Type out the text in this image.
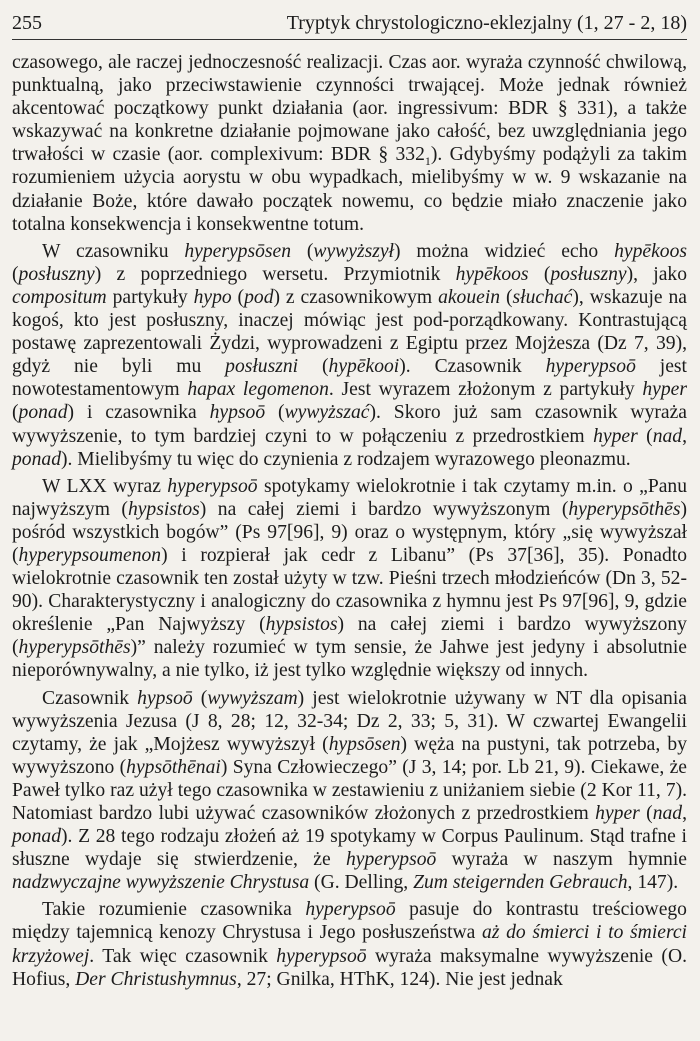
255	Tryptyk chrystologiczno-eklezjalny (1, 27 - 2, 18)

czasowego, ale raczej jednoczesność realizacji. Czas aor. wyraża czynność chwilową, punktualną, jako przeciwstawienie czynności trwającej. Może jednak również akcentować początkowy punkt działania (aor. ingressivum: BDR § 331), a także wskazywać na konkretne działanie pojmowane jako całość, bez uwzględniania jego trwałości w czasie (aor. complexivum: BDR § $332_1$). Gdybyśmy podążyli za takim rozumieniem użycia aorystu w obu wypadkach, mielibyśmy w w. 9 wskazanie na działanie Boże, które dawało początek nowemu, co będzie miało znaczenie jako totalna konsekwencja i konsekwentne totum.

W czasowniku hyperypsōsen (wywyższył) można widzieć echo hypēkoos (posłuszny) z poprzedniego wersetu. Przymiotnik hypēkoos (posłuszny), jako compositum partykuły hypo (pod) z czasownikowym akouein (słuchać), wskazuje na kogoś, kto jest posłuszny, inaczej mówiąc jest pod-porządkowany. Kontrastującą postawę zaprezentowali Żydzi, wyprowadzeni z Egiptu przez Mojżesza (Dz 7, 39), gdyż nie byli mu posłuszni (hypēkooi). Czasownik hyperypsoō jest nowotestamentowym hapax legomenon. Jest wyrazem złożonym z partykuły hyper (ponad) i czasownika hypsoō (wywyższać). Skoro już sam czasownik wyraża wywyższenie, to tym bardziej czyni to w połączeniu z przedrostkiem hyper (nad, ponad). Mielibyśmy tu więc do czynienia z rodzajem wyrazowego pleonazmu.

W LXX wyraz hyperypsoō spotykamy wielokrotnie i tak czytamy m.in. o „Panu najwyższym (hypsistos) na całej ziemi i bardzo wywyższonym (hyperypsōthēs) pośród wszystkich bogów” (Ps 97[96], 9) oraz o występnym, który „się wywyższał (hyperypsoumenon) i rozpierał jak cedr z Libanu” (Ps 37[36], 35). Ponadto wielokrotnie czasownik ten został użyty w tzw. Pieśni trzech młodzieńców (Dn 3, 52-90). Charakterystyczny i analogiczny do czasownika z hymnu jest Ps 97[96], 9, gdzie określenie „Pan Najwyższy (hypsistos) na całej ziemi i bardzo wywyższony (hyperypsōthēs)” należy rozumieć w tym sensie, że Jahwe jest jedyny i absolutnie nieporównywalny, a nie tylko, iż jest tylko względnie większy od innych.

Czasownik hypsoō (wywyższam) jest wielokrotnie używany w NT dla opisania wywyższenia Jezusa (J 8, 28; 12, 32-34; Dz 2, 33; 5, 31). W czwartej Ewangelii czytamy, że jak „Mojżesz wywyższył (hypsōsen) węża na pustyni, tak potrzeba, by wywyższono (hypsōthēnai) Syna Człowieczego” (J 3, 14; por. Lb 21, 9). Ciekawe, że Paweł tylko raz użył tego czasownika w zestawieniu z uniżaniem siebie (2 Kor 11, 7). Natomiast bardzo lubi używać czasowników złożonych z przedrostkiem hyper (nad, ponad). Z 28 tego rodzaju złożeń aż 19 spotykamy w Corpus Paulinum. Stąd trafne i słuszne wydaje się stwierdzenie, że hyperypsoō wyraża w naszym hymnie nadzwyczajne wywyższenie Chrystusa (G. Delling, Zum steigernden Gebrauch, 147).

Takie rozumienie czasownika hyperypsoō pasuje do kontrastu treściowego między tajemnicą kenozy Chrystusa i Jego posłuszeństwa aż do śmierci i to śmierci krzyżowej. Tak więc czasownik hyperypsoō wyraża maksymalne wywyższenie (O. Hofius, Der Christushymnus, 27; Gnilka, HThK, 124). Nie jest jednak
